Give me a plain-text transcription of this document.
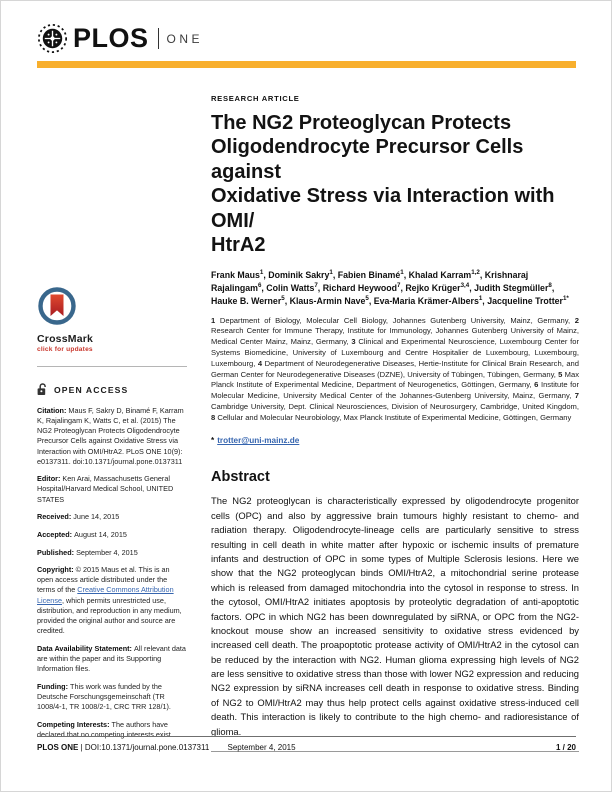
PLOS ONE
CrossMark
click for updates
OPEN ACCESS

Citation: Maus F, Sakry D, Binamé F, Karram K, Rajalingam K, Watts C, et al. (2015) The NG2 Proteoglycan Protects Oligodendrocyte Precursor Cells against Oxidative Stress via Interaction with OMI/HtrA2. PLoS ONE 10(9): e0137311. doi:10.1371/journal.pone.0137311

Editor: Ken Arai, Massachusetts General Hospital/Harvard Medical School, UNITED STATES

Received: June 14, 2015

Accepted: August 14, 2015

Published: September 4, 2015

Copyright: © 2015 Maus et al. This is an open access article distributed under the terms of the Creative Commons Attribution License, which permits unrestricted use, distribution, and reproduction in any medium, provided the original author and source are credited.

Data Availability Statement: All relevant data are within the paper and its Supporting Information files.

Funding: This work was funded by the Deutsche Forschungsgemeinschaft (TR 1008/4-1, TR 1008/2-1, CRC TRR 128/1).

Competing Interests: The authors have declared that no competing interests exist.

RESEARCH ARTICLE
The NG2 Proteoglycan Protects
Oligodendrocyte Precursor Cells against
Oxidative Stress via Interaction with OMI/
HtrA2

Frank Maus$^1$, Dominik Sakry$^1$, Fabien Binamé$^1$, Khalad Karram$^{1,2}$, Krishnaraj Rajalingam$^6$, Colin Watts$^7$, Richard Heywood$^7$, Rejko Krüger$^{3,4}$, Judith Stegmüller$^8$, Hauke B. Werner$^5$, Klaus-Armin Nave$^5$, Eva-Maria Krämer-Albers$^1$, Jacqueline Trotter$^{1*}$

1 Department of Biology, Molecular Cell Biology, Johannes Gutenberg University, Mainz, Germany, 2 Research Center for Immune Therapy, Institute for Immunology, Johannes Gutenberg University of Mainz, Medical Center Mainz, Mainz, Germany, 3 Clinical and Experimental Neuroscience, Luxembourg Center for Systems Biomedicine, University of Luxembourg and Centre Hospitalier de Luxembourg, Luxembourg, Luxembourg, 4 Department of Neurodegenerative Diseases, Hertie-Institute for Clinical Brain Research, and German Center for Neurodegenerative Diseases (DZNE), University of Tübingen, Tübingen, Germany, 5 Max Planck Institute of Experimental Medicine, Department of Neurogenetics, Göttingen, Germany, 6 Institute for Molecular Medicine, University Medical Center of the Johannes-Gutenberg University, Mainz, Germany, 7 Cambridge University, Dept. Clinical Neurosciences, Division of Neurosurgery, Cambridge, United Kingdom, 8 Cellular and Molecular Neurobiology, Max Planck Institute of Experimental Medicine, Göttingen, Germany

* trotter@uni-mainz.de

Abstract

The NG2 proteoglycan is characteristically expressed by oligodendrocyte progenitor cells (OPC) and also by aggressive brain tumours highly resistant to chemo- and radiation therapy. Oligodendrocyte-lineage cells are particularly sensitive to stress resulting in cell death in white matter after hypoxic or ischemic insults of premature infants and destruction of OPC in some types of Multiple Sclerosis lesions. Here we show that the NG2 proteoglycan binds OMI/HtrA2, a mitochondrial serine protease which is released from damaged mitochondria into the cytosol in response to stress. In the cytosol, OMI/HtrA2 initiates apoptosis by proteolytic degradation of anti-apoptotic factors. OPC in which NG2 has been downregulated by siRNA, or OPC from the NG2-knockout mouse show an increased sensitivity to oxidative stress evidenced by increased cell death. The proapoptotic protease activity of OMI/HtrA2 in the cytosol can be reduced by the interaction with NG2. Human glioma expressing high levels of NG2 are less sensitive to oxidative stress than those with lower NG2 expression and reducing NG2 expression by siRNA increases cell death in response to oxidative stress. Binding of NG2 to OMI/HtrA2 may thus help protect cells against oxidative stress-induced cell death. This interaction is likely to contribute to the high chemo- and radioresistance of glioma.

PLOS ONE | DOI:10.1371/journal.pone.0137311 September 4, 2015	1 / 20
